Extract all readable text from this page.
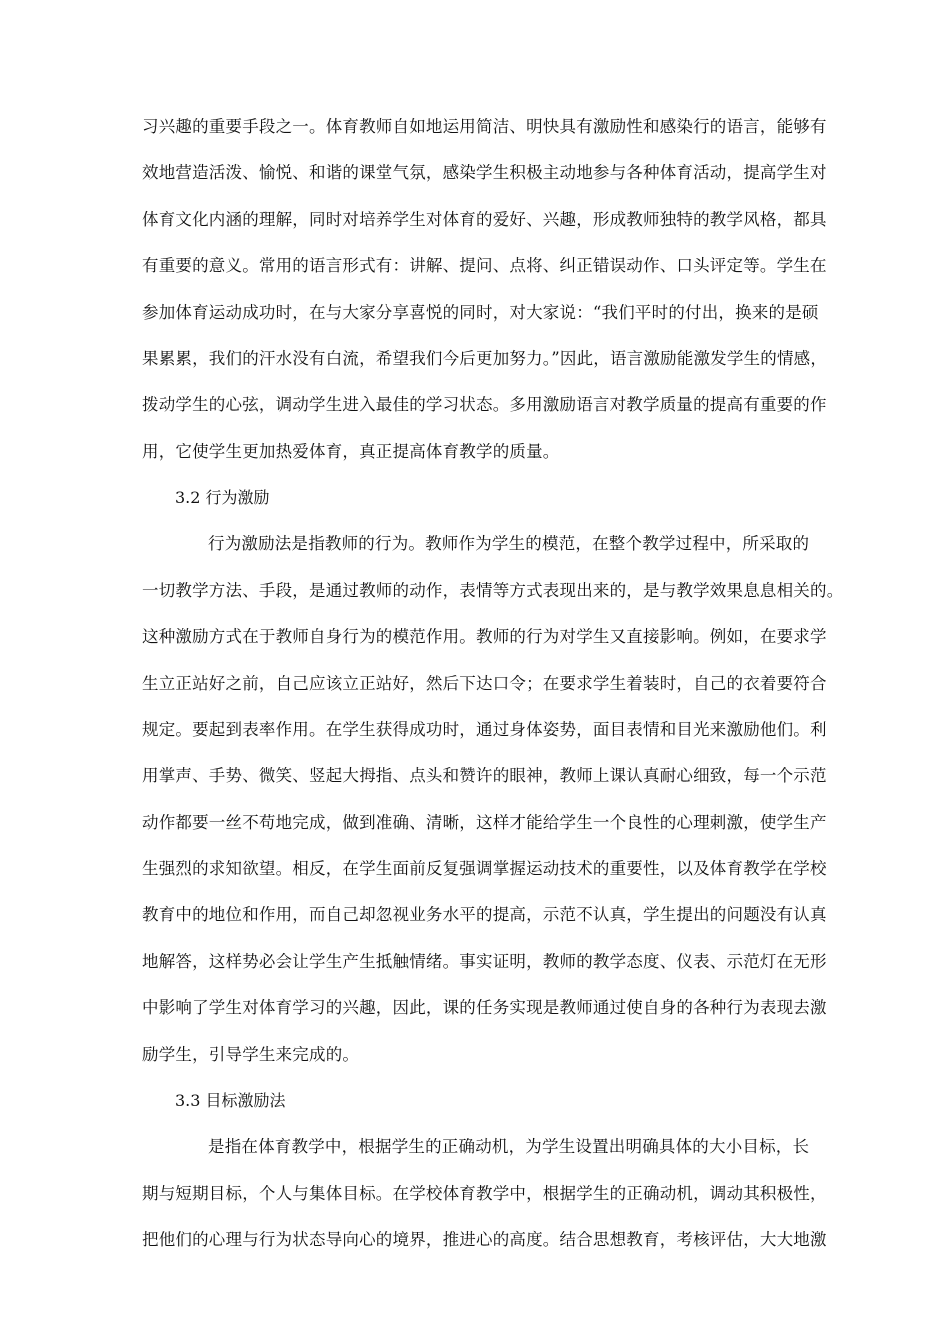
习兴趣的重要手段之一。体育教师自如地运用简洁、明快具有激励性和感染行的语言，能够有
效地营造活泼、愉悦、和谐的课堂气氛，感染学生积极主动地参与各种体育活动，提高学生对
体育文化内涵的理解，同时对培养学生对体育的爱好、兴趣，形成教师独特的教学风格，都具
有重要的意义。常用的语言形式有：讲解、提问、点将、纠正错误动作、口头评定等。学生在
参加体育运动成功时，在与大家分享喜悦的同时，对大家说：“我们平时的付出，换来的是硕
果累累，我们的汗水没有白流，希望我们今后更加努力。”因此，语言激励能激发学生的情感，
拨动学生的心弦，调动学生进入最佳的学习状态。多用激励语言对教学质量的提高有重要的作
用，它使学生更加热爱体育，真正提高体育教学的质量。
3.2 行为激励
行为激励法是指教师的行为。教师作为学生的模范，在整个教学过程中，所采取的
一切教学方法、手段，是通过教师的动作，表情等方式表现出来的，是与教学效果息息相关的。
这种激励方式在于教师自身行为的模范作用。教师的行为对学生又直接影响。例如，在要求学
生立正站好之前，自己应该立正站好，然后下达口令；在要求学生着装时，自己的衣着要符合
规定。要起到表率作用。在学生获得成功时，通过身体姿势，面目表情和目光来激励他们。利
用掌声、手势、微笑、竖起大拇指、点头和赞许的眼神，教师上课认真耐心细致，每一个示范
动作都要一丝不苟地完成，做到准确、清晰，这样才能给学生一个良性的心理刺激，使学生产
生强烈的求知欲望。相反，在学生面前反复强调掌握运动技术的重要性，以及体育教学在学校
教育中的地位和作用，而自己却忽视业务水平的提高，示范不认真，学生提出的问题没有认真
地解答，这样势必会让学生产生抵触情绪。事实证明，教师的教学态度、仪表、示范灯在无形
中影响了学生对体育学习的兴趣，因此，课的任务实现是教师通过使自身的各种行为表现去激
励学生，引导学生来完成的。
3.3 目标激励法
是指在体育教学中，根据学生的正确动机，为学生设置出明确具体的大小目标，长
期与短期目标，个人与集体目标。在学校体育教学中，根据学生的正确动机，调动其积极性，
把他们的心理与行为状态导向心的境界，推进心的高度。结合思想教育，考核评估，大大地激
